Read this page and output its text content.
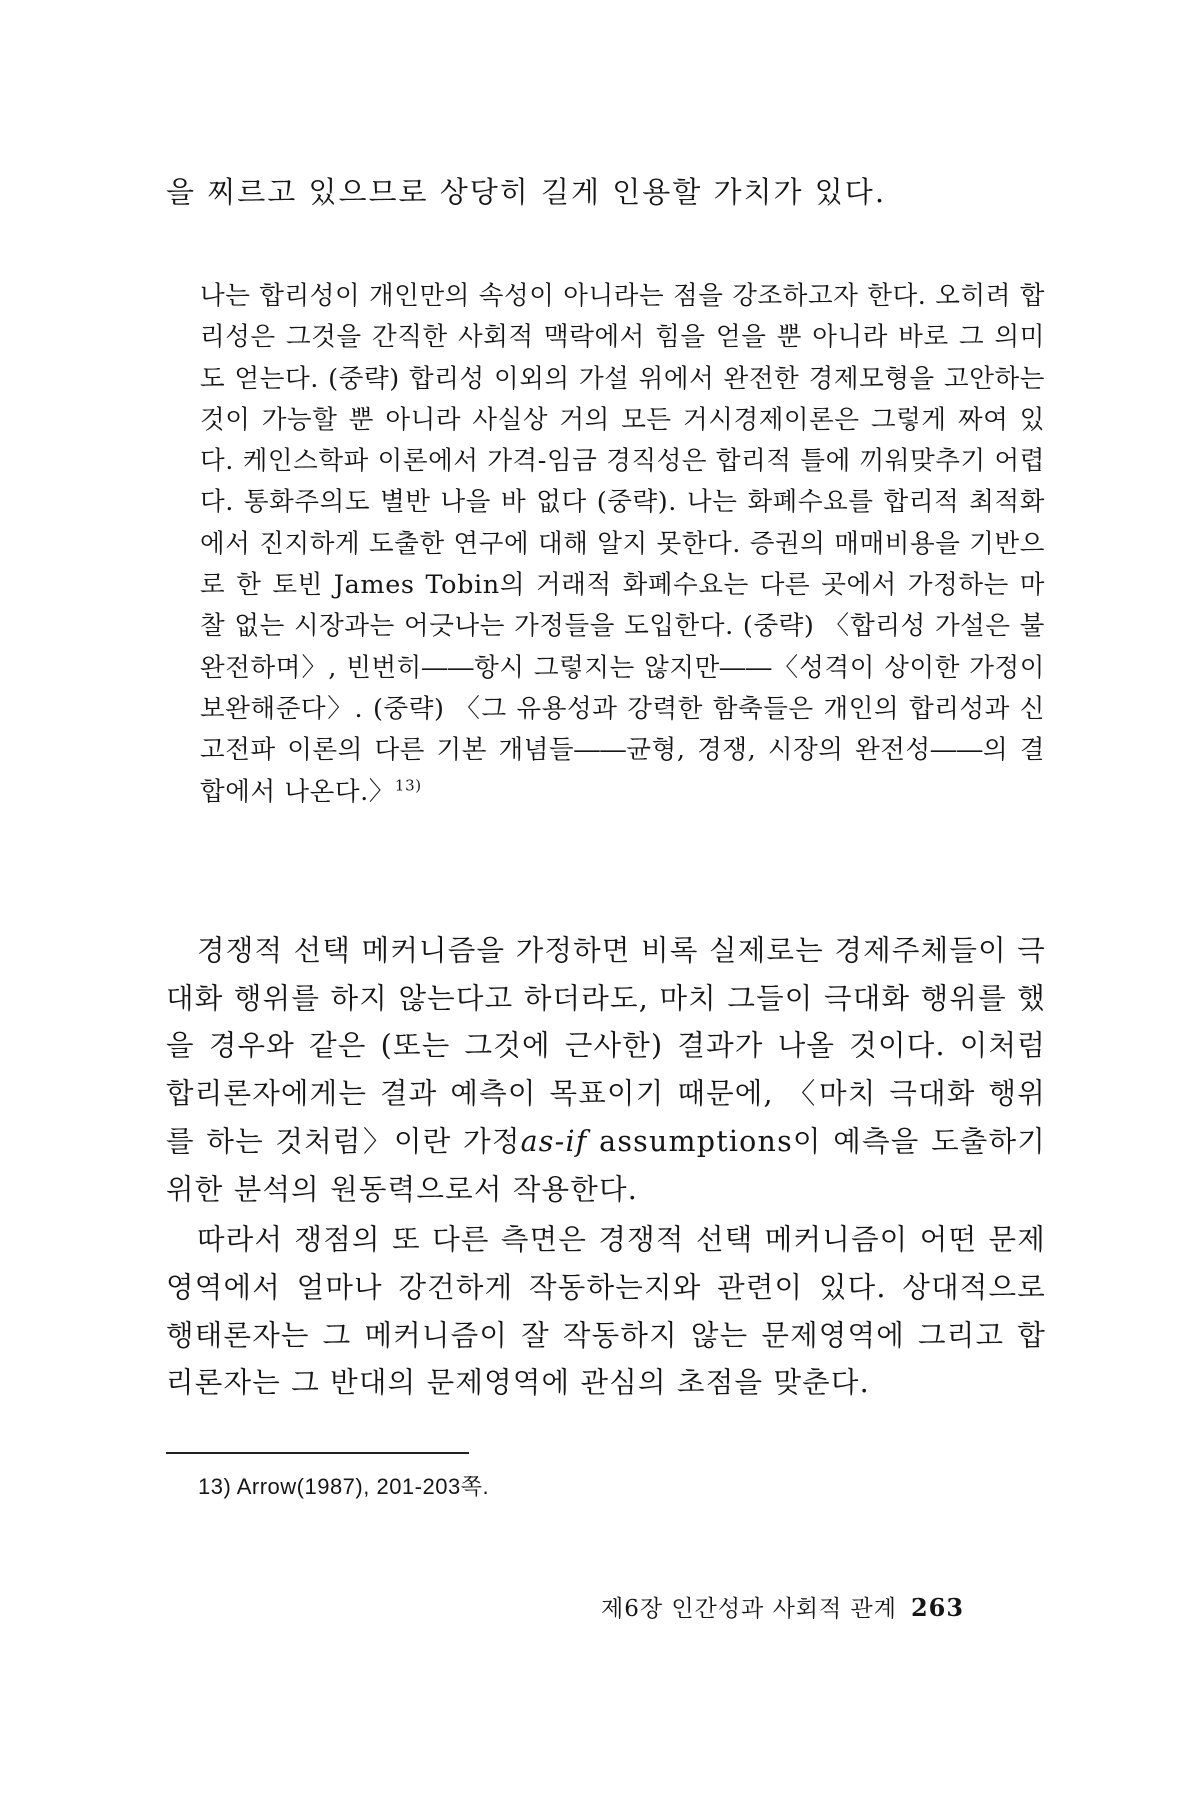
을 찌르고 있으므로 상당히 길게 인용할 가치가 있다.

나는 합리성이 개인만의 속성이 아니라는 점을 강조하고자 한다. 오히려 합리성은 그것을 간직한 사회적 맥락에서 힘을 얻을 뿐 아니라 바로 그 의미도 얻는다. (중략) 합리성 이외의 가설 위에서 완전한 경제모형을 고안하는 것이 가능할 뿐 아니라 사실상 거의 모든 거시경제이론은 그렇게 짜여 있다. 케인스학파 이론에서 가격-임금 경직성은 합리적 틀에 끼워맞추기 어렵다. 통화주의도 별반 나을 바 없다 (중략). 나는 화폐수요를 합리적 최적화에서 진지하게 도출한 연구에 대해 알지 못한다. 증권의 매매비용을 기반으로 한 토빈 James Tobin의 거래적 화폐수요는 다른 곳에서 가정하는 마찰 없는 시장과는 어긋나는 가정들을 도입한다. (중략) 〈합리성 가설은 불완전하며〉, 빈번히――항시 그렇지는 않지만――〈성격이 상이한 가정이 보완해준다〉. (중략) 〈그 유용성과 강력한 함축들은 개인의 합리성과 신고전파 이론의 다른 기본 개념들――균형, 경쟁, 시장의 완전성――의 결합에서 나온다.〉$^{13)}$

경쟁적 선택 메커니즘을 가정하면 비록 실제로는 경제주체들이 극대화 행위를 하지 않는다고 하더라도, 마치 그들이 극대화 행위를 했을 경우와 같은 (또는 그것에 근사한) 결과가 나올 것이다. 이처럼 합리론자에게는 결과 예측이 목표이기 때문에, 〈마치 극대화 행위를 하는 것처럼〉이란 가정as-if assumptions이 예측을 도출하기 위한 분석의 원동력으로서 작용한다.

따라서 쟁점의 또 다른 측면은 경쟁적 선택 메커니즘이 어떤 문제영역에서 얼마나 강건하게 작동하는지와 관련이 있다. 상대적으로 행태론자는 그 메커니즘이 잘 작동하지 않는 문제영역에 그리고 합리론자는 그 반대의 문제영역에 관심의 초점을 맞춘다.

13) Arrow(1987), 201-203쪽.

제6장 인간성과 사회적 관계 263
